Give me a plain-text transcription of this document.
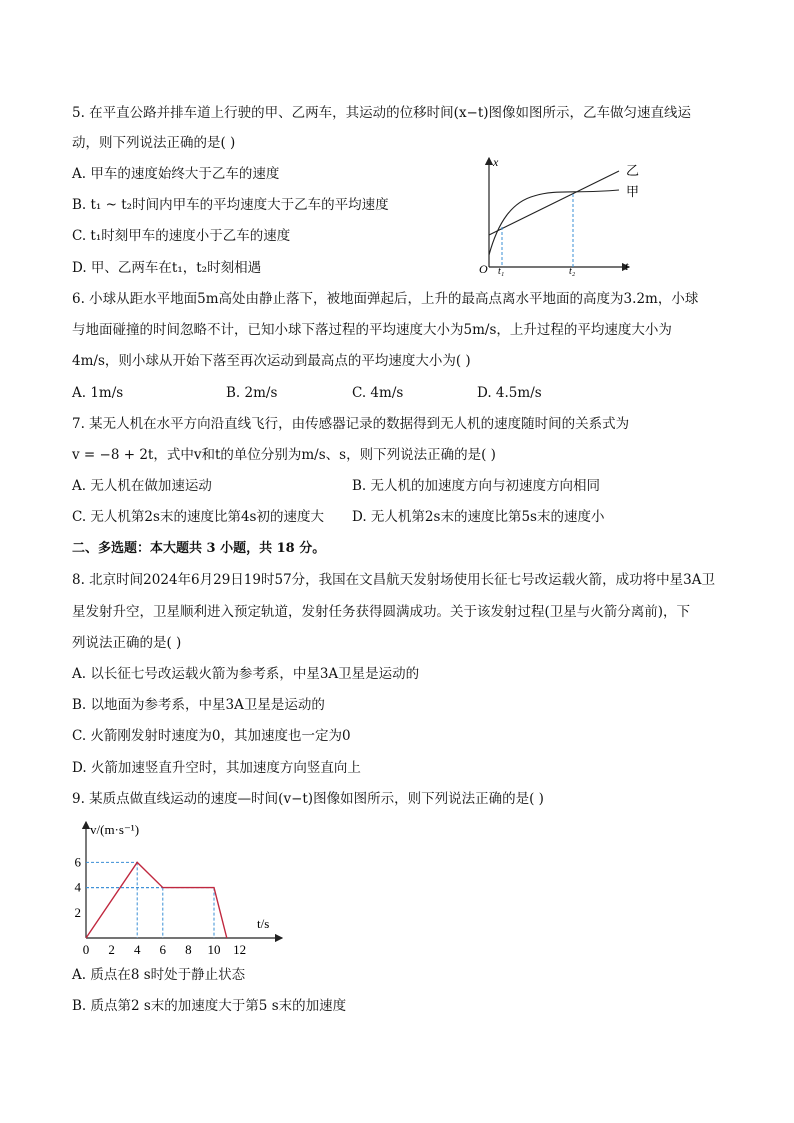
5. 在平直公路并排车道上行驶的甲、乙两车，其运动的位移时间(x−t)图像如图所示，乙车做匀速直线运
动，则下列说法正确的是( )
A. 甲车的速度始终大于乙车的速度
B. t₁ ~ t₂时间内甲车的平均速度大于乙车的平均速度
C. t₁时刻甲车的速度小于乙车的速度
D. 甲、乙两车在t₁，t₂时刻相遇
x
t
O t₁	t₂
乙
甲
6. 小球从距水平地面5m高处由静止落下，被地面弹起后，上升的最高点离水平地面的高度为3.2m，小球
与地面碰撞的时间忽略不计，已知小球下落过程的平均速度大小为5m/s，上升过程的平均速度大小为
4m/s，则小球从开始下落至再次运动到最高点的平均速度大小为( )
A. 1m/s	B. 2m/s	C. 4m/s	D. 4.5m/s
7. 某无人机在水平方向沿直线飞行，由传感器记录的数据得到无人机的速度随时间的关系式为
v = −8 + 2t，式中v和t的单位分别为m/s、s，则下列说法正确的是( )
A. 无人机在做加速运动	B. 无人机的加速度方向与初速度方向相同
C. 无人机第2s末的速度比第4s初的速度大 D. 无人机第2s末的速度比第5s末的速度小
二、多选题：本大题共 3 小题，共 18 分。
8. 北京时间2024年6月29日19时57分，我国在文昌航天发射场使用长征七号改运载火箭，成功将中星3A卫
星发射升空，卫星顺利进入预定轨道，发射任务获得圆满成功。关于该发射过程(卫星与火箭分离前)，下
列说法正确的是( )
A. 以长征七号改运载火箭为参考系，中星3A卫星是运动的
B. 以地面为参考系，中星3A卫星是运动的
C. 火箭刚发射时速度为0，其加速度也一定为0
D. 火箭加速竖直升空时，其加速度方向竖直向上
9. 某质点做直线运动的速度—时间(v−t)图像如图所示，则下列说法正确的是( )
v/(m·s⁻¹)
t/s
0 2 4 6 8 10 12
2
4
6
A. 质点在8 s时处于静止状态
B. 质点第2 s末的加速度大于第5 s末的加速度
